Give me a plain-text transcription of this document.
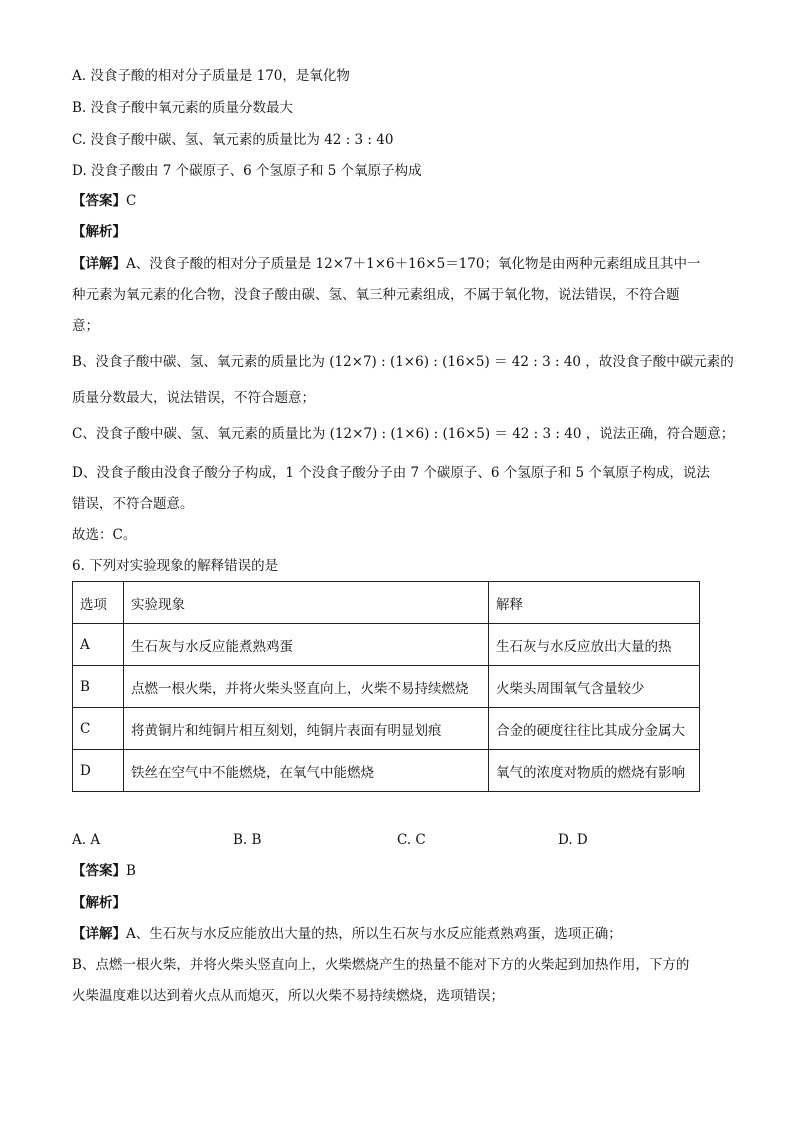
A. 没食子酸的相对分子质量是 170，是氧化物
B. 没食子酸中氧元素的质量分数最大
C. 没食子酸中碳、氢、氧元素的质量比为 42 : 3 : 40
D. 没食子酸由 7 个碳原子、6 个氢原子和 5 个氧原子构成
【答案】C
【解析】
【详解】A、没食子酸的相对分子质量是 12×7＋1×6＋16×5＝170；氧化物是由两种元素组成且其中一
种元素为氧元素的化合物，没食子酸由碳、氢、氧三种元素组成，不属于氧化物，说法错误，不符合题
意；
B、没食子酸中碳、氢、氧元素的质量比为 (12×7) : (1×6) : (16×5) ＝ 42 : 3 : 40 ，故没食子酸中碳元素的
质量分数最大，说法错误，不符合题意；
C、没食子酸中碳、氢、氧元素的质量比为 (12×7) : (1×6) : (16×5) ＝ 42 : 3 : 40 ，说法正确，符合题意；
D、没食子酸由没食子酸分子构成，1 个没食子酸分子由 7 个碳原子、6 个氢原子和 5 个氧原子构成，说法
错误，不符合题意。
故选：C。
6. 下列对实验现象的解释错误的是
选项	实验现象	解释
A	生石灰与水反应能煮熟鸡蛋	生石灰与水反应放出大量的热
B	点燃一根火柴，并将火柴头竖直向上，火柴不易持续燃烧	火柴头周围氧气含量较少
C	将黄铜片和纯铜片相互刻划，纯铜片表面有明显划痕	合金的硬度往往比其成分金属大
D	铁丝在空气中不能燃烧，在氧气中能燃烧	氧气的浓度对物质的燃烧有影响
A. A	B. B	C. C	D. D
【答案】B
【解析】
【详解】A、生石灰与水反应能放出大量的热，所以生石灰与水反应能煮熟鸡蛋，选项正确；
B、点燃一根火柴，并将火柴头竖直向上，火柴燃烧产生的热量不能对下方的火柴起到加热作用，下方的
火柴温度难以达到着火点从而熄灭，所以火柴不易持续燃烧，选项错误；
